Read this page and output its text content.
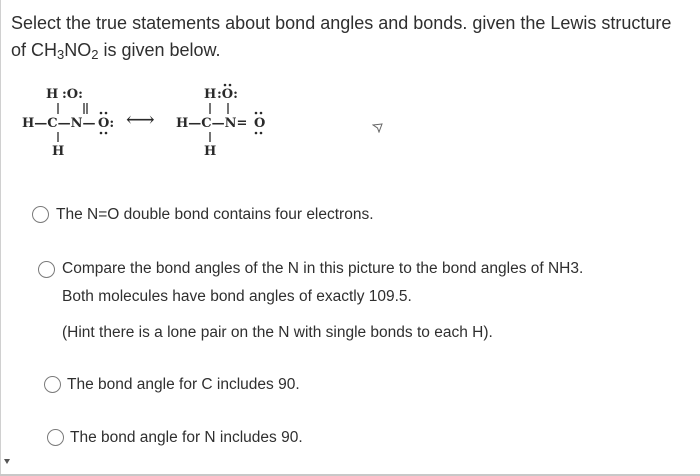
Select the true statements about bond angles and bonds. given the Lewis structure
of $CH_3NO_2$ is given below.
H :O:
H—C—N— O:
H
⟷
H :O:
H—C—N= O
H
The N=O double bond contains four electrons.

Compare the bond angles of the N in this picture to the bond angles of NH3.

Both molecules have bond angles of exactly 109.5.

(Hint there is a lone pair on the N with single bonds to each H).

The bond angle for C includes 90.
The bond angle for N includes 90.
